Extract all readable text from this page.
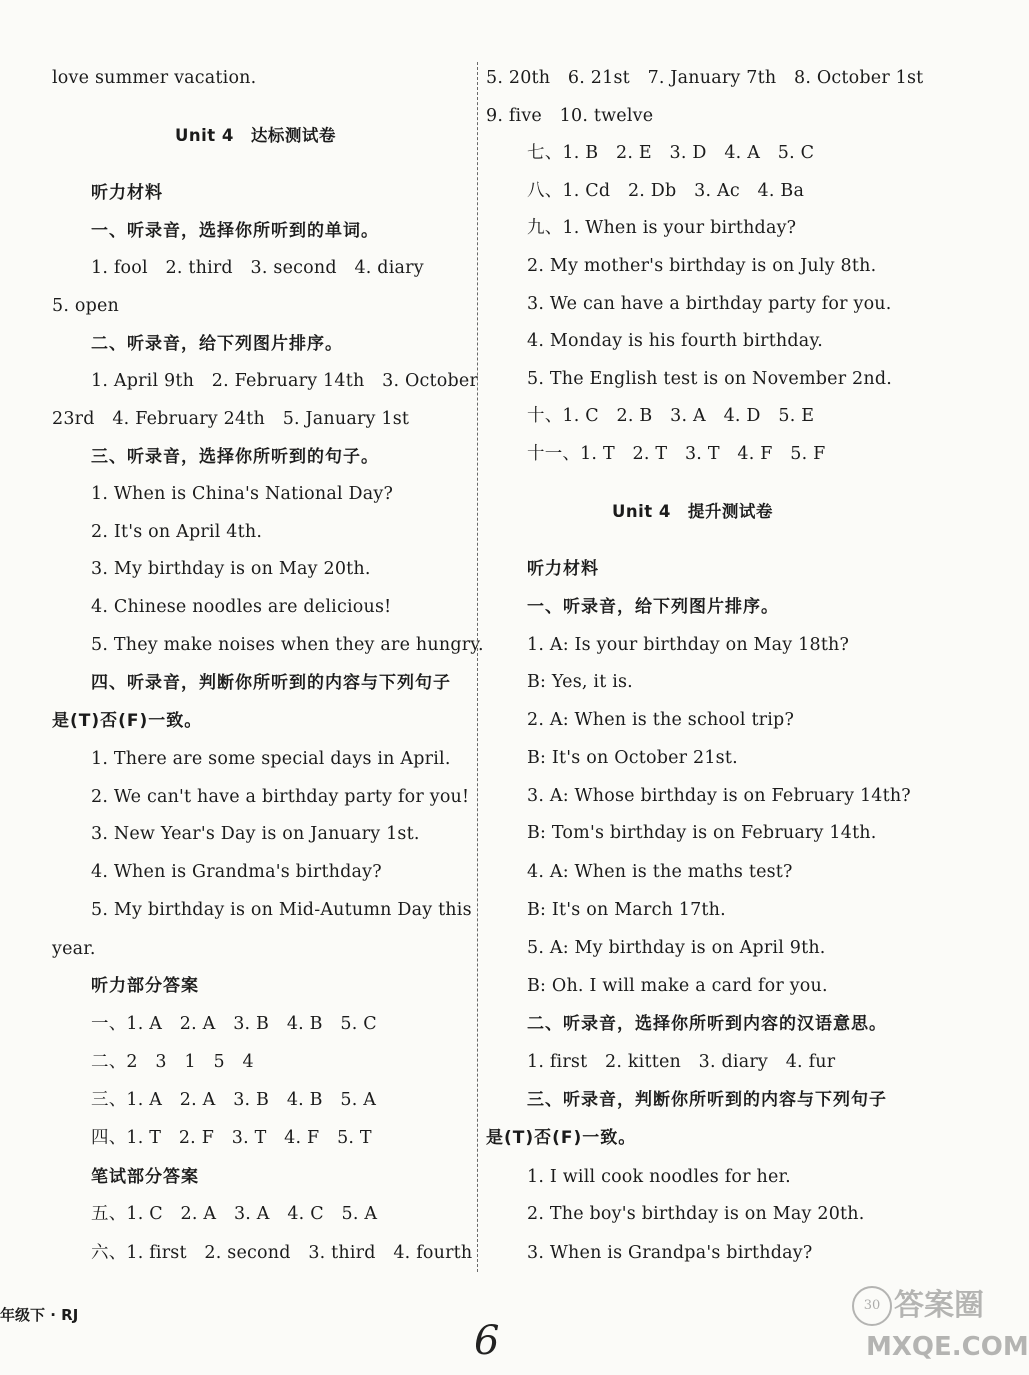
love summer vacation.
Unit 4　达标测试卷
听力材料
一、听录音，选择你所听到的单词。
1. fool　2. third　3. second　4. diary
5. open
二、听录音，给下列图片排序。
1. April 9th　2. February 14th　3. October
23rd　4. February 24th　5. January 1st
三、听录音，选择你所听到的句子。
1. When is China's National Day?
2. It's on April 4th.
3. My birthday is on May 20th.
4. Chinese noodles are delicious!
5. They make noises when they are hungry.
四、听录音，判断你所听到的内容与下列句子
是(T)否(F)一致。
1. There are some special days in April.
2. We can't have a birthday party for you!
3. New Year's Day is on January 1st.
4. When is Grandma's birthday?
5. My birthday is on Mid-Autumn Day this
year.
听力部分答案
一、1. A　2. A　3. B　4. B　5. C
二、2　3　1　5　4
三、1. A　2. A　3. B　4. B　5. A
四、1. T　2. F　3. T　4. F　5. T
笔试部分答案
五、1. C　2. A　3. A　4. C　5. A
六、1. first　2. second　3. third　4. fourth
5. 20th　6. 21st　7. January 7th　8. October 1st
9. five　10. twelve
七、1. B　2. E　3. D　4. A　5. C
八、1. Cd　2. Db　3. Ac　4. Ba
九、1. When is your birthday?
2. My mother's birthday is on July 8th.
3. We can have a birthday party for you.
4. Monday is his fourth birthday.
5. The English test is on November 2nd.
十、1. C　2. B　3. A　4. D　5. E
十一、1. T　2. T　3. T　4. F　5. F
Unit 4　提升测试卷
听力材料
一、听录音，给下列图片排序。
1. A: Is your birthday on May 18th?
B: Yes, it is.
2. A: When is the school trip?
B: It's on October 21st.
3. A: Whose birthday is on February 14th?
B: Tom's birthday is on February 14th.
4. A: When is the maths test?
B: It's on March 17th.
5. A: My birthday is on April 9th.
B: Oh. I will make a card for you.
二、听录音，选择你所听到内容的汉语意思。
1. first　2. kitten　3. diary　4. fur
三、听录音，判断你所听到的内容与下列句子
是(T)否(F)一致。
1. I will cook noodles for her.
2. The boy's birthday is on May 20th.
3. When is Grandpa's birthday?
年级下 · RJ
6
30 答案圈
MXQE.COM
